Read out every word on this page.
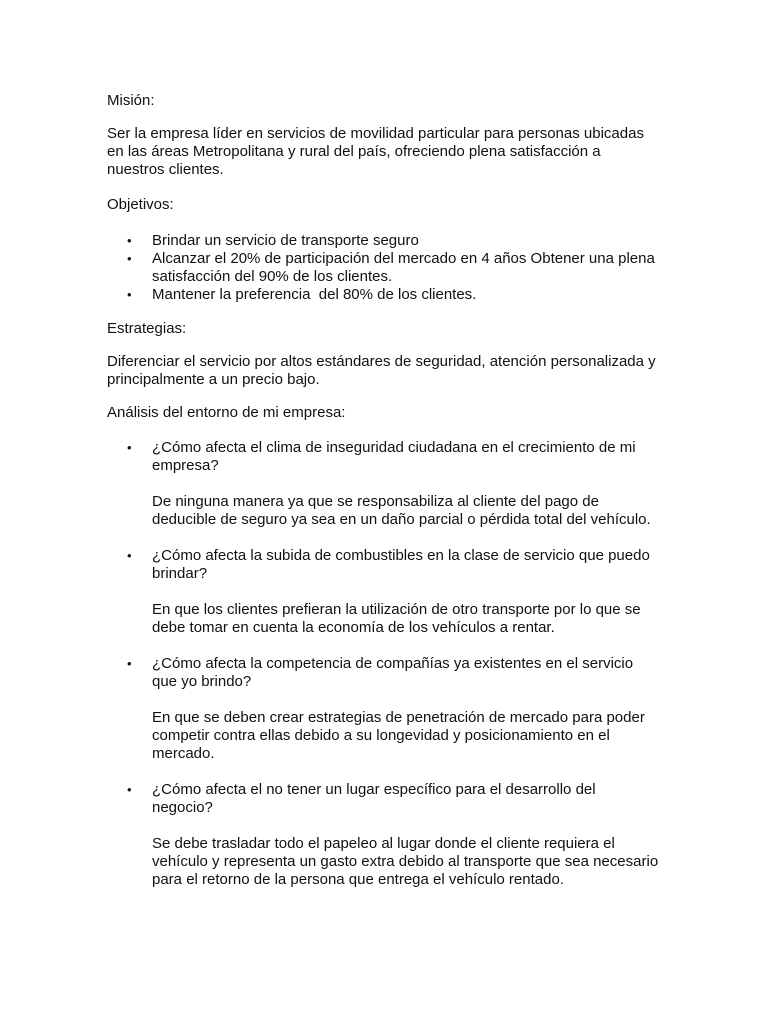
Misión:

Ser la empresa líder en servicios de movilidad particular para personas ubicadas
en las áreas Metropolitana y rural del país, ofreciendo plena satisfacción a
nuestros clientes.

Objetivos:

• Brindar un servicio de transporte seguro
• Alcanzar el 20% de participación del mercado en 4 años Obtener una plena
satisfacción del 90% de los clientes.
• Mantener la preferencia  del 80% de los clientes.

Estrategias:

Diferenciar el servicio por altos estándares de seguridad, atención personalizada y
principalmente a un precio bajo.

Análisis del entorno de mi empresa:

• ¿Cómo afecta el clima de inseguridad ciudadana en el crecimiento de mi
empresa?
De ninguna manera ya que se responsabiliza al cliente del pago de
deducible de seguro ya sea en un daño parcial o pérdida total del vehículo.
• ¿Cómo afecta la subida de combustibles en la clase de servicio que puedo
brindar?
En que los clientes prefieran la utilización de otro transporte por lo que se
debe tomar en cuenta la economía de los vehículos a rentar.
• ¿Cómo afecta la competencia de compañías ya existentes en el servicio
que yo brindo?
En que se deben crear estrategias de penetración de mercado para poder
competir contra ellas debido a su longevidad y posicionamiento en el
mercado.
• ¿Cómo afecta el no tener un lugar específico para el desarrollo del
negocio?
Se debe trasladar todo el papeleo al lugar donde el cliente requiera el
vehículo y representa un gasto extra debido al transporte que sea necesario
para el retorno de la persona que entrega el vehículo rentado.
